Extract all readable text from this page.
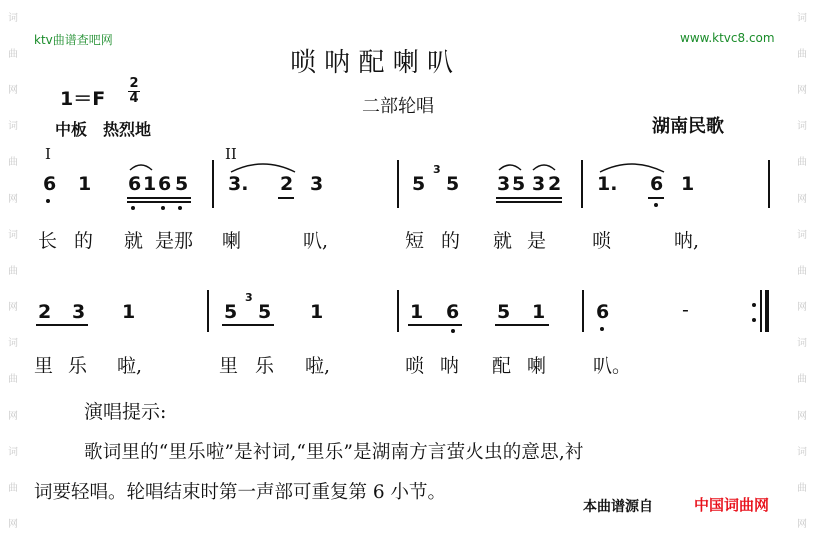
词
曲
网
词
曲
网
词
曲
网
词
曲
网
词
曲
网
词
曲
网
词
曲
网
词
曲
网
词
曲
网
词
曲
网
ktv曲谱查吧网	www.ktvc8.com
唢 呐 配 喇 叭
二部轮唱
1＝F
2
4
中板　热烈地	湖南民歌
I	II
6 1 6 1 6 5 3. 2 3	5
3
5 3 5 3 2 1. 6 1
长 的 就 是那 喇	叭,	短 的 就 是 唢	呐,
2 3 1	5
3
5 1	1 6 5 1	6	-
里 乐 啦,	里 乐 啦,	唢 呐 配 喇 叭。
演唱提示:
歌词里的“里乐啦”是衬词,“里乐”是湖南方言萤火虫的意思,衬
词要轻唱。轮唱结束时第一声部可重复第 6 小节。
本曲谱源自	中国词曲网
